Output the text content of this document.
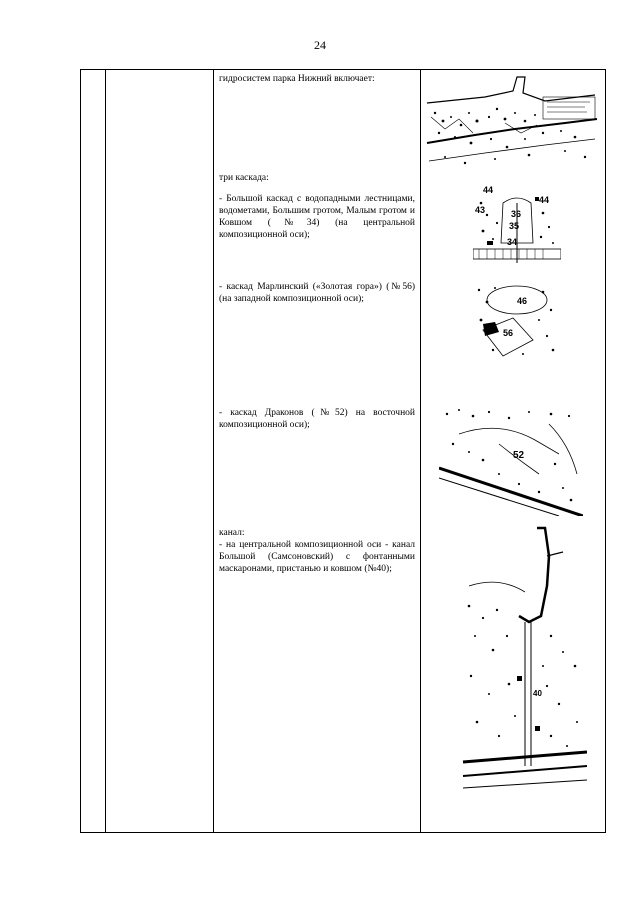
24
гидросистем парка Нижний включает:
три каскада:
- Большой каскад с водопадными лестницами, водометами, Большим гротом, Малым гротом и Ковшом (№34) (на центральной композиционной оси);
- каскад Марлинский («Золотая гора») (№56) (на западной композиционной оси);
- каскад Драконов (№52) на восточной композиционной оси);
канал:
- на центральной композиционной оси - канал Большой (Самсоновский) с фонтанными маскаронами, пристанью и ковшом (№40);
44
36
35
43
34
44
46
56
52
40
